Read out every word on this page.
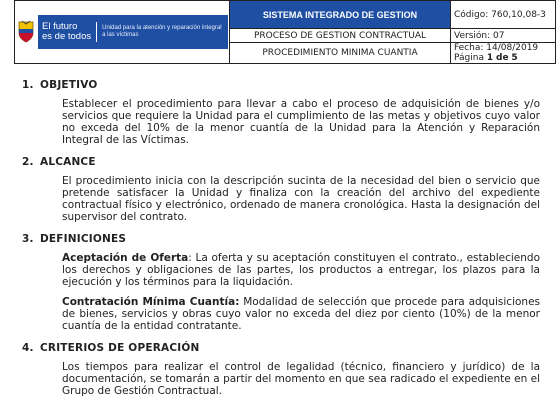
El futuro
es de todos
Unidad para la atención y reparación integral a las víctimas	SISTEMA INTEGRADO DE GESTION	Código: 760,10,08-3
	PROCESO DE GESTION CONTRACTUAL	Versión: 07
	PROCEDIMIENTO MINIMA CUANTIA	Fecha: 14/08/2019
Página 1 de 5
1. OBJETIVO

Establecer el procedimiento para llevar a cabo el proceso de adquisición de bienes y/o servicios que requiere la Unidad para el cumplimiento de las metas y objetivos cuyo valor no exceda del 10% de la menor cuantía de la Unidad para la Atención y Reparación Integral de las Víctimas.

2. ALCANCE

El procedimiento inicia con la descripción sucinta de la necesidad del bien o servicio que pretende satisfacer la Unidad y finaliza con la creación del archivo del expediente contractual físico y electrónico, ordenado de manera cronológica. Hasta la designación del supervisor del contrato.

3. DEFINICIONES

Aceptación de Oferta: La oferta y su aceptación constituyen el contrato., estableciendo los derechos y obligaciones de las partes, los productos a entregar, los plazos para la ejecución y los términos para la liquidación.

Contratación Mínima Cuantía: Modalidad de selección que procede para adquisiciones de bienes, servicios y obras cuyo valor no exceda del diez por ciento (10%) de la menor cuantía de la entidad contratante.

4. CRITERIOS DE OPERACIÓN

Los tiempos para realizar el control de legalidad (técnico, financiero y jurídico) de la documentación, se tomarán a partir del momento en que sea radicado el expediente en el Grupo de Gestión Contractual.
